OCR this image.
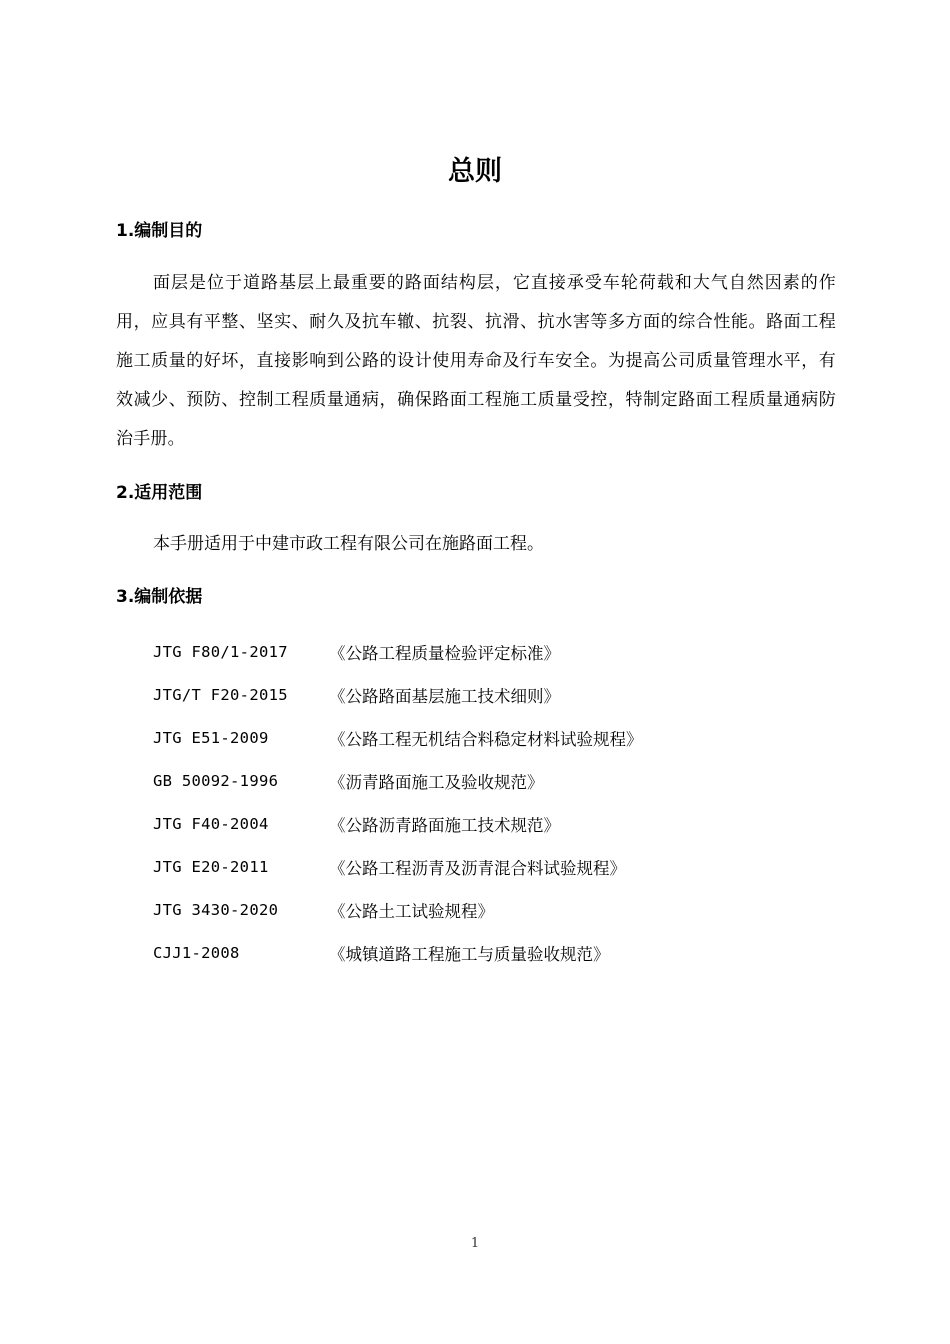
总则
1.编制目的
面层是位于道路基层上最重要的路面结构层，它直接承受车轮荷载和大气自然因素的作用，应具有平整、坚实、耐久及抗车辙、抗裂、抗滑、抗水害等多方面的综合性能。路面工程施工质量的好坏，直接影响到公路的设计使用寿命及行车安全。为提高公司质量管理水平，有效减少、预防、控制工程质量通病，确保路面工程施工质量受控，特制定路面工程质量通病防治手册。
2.适用范围
本手册适用于中建市政工程有限公司在施路面工程。
3.编制依据
JTG F80/1-2017	《公路工程质量检验评定标准》
JTG/T F20-2015	《公路路面基层施工技术细则》
JTG E51-2009	《公路工程无机结合料稳定材料试验规程》
GB 50092-1996	《沥青路面施工及验收规范》
JTG F40-2004	《公路沥青路面施工技术规范》
JTG E20-2011	《公路工程沥青及沥青混合料试验规程》
JTG 3430-2020	《公路土工试验规程》
CJJ1-2008	《城镇道路工程施工与质量验收规范》
1
